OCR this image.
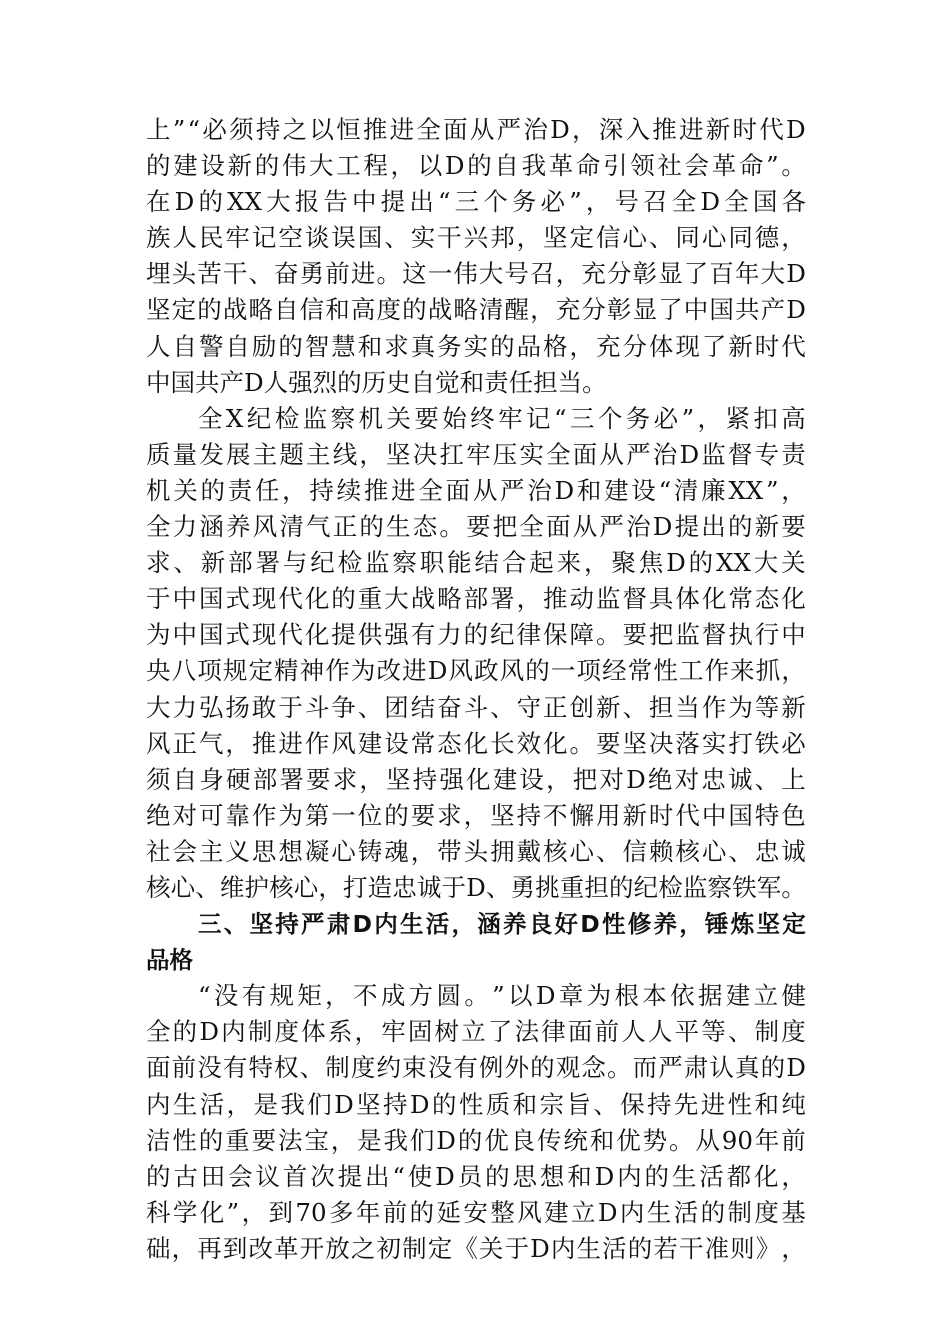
上 ” “ 必 须 持 之 以 恒 推 进 全 面 从 严 治 D ， 深 入 推 进 新 时 代 D
的 建 设 新 的 伟 大 工 程 ， 以 D 的 自 我 革 命 引 领 社 会 革 命 ” 。
在 D 的 XX 大 报 告 中 提 出 “ 三 个 务 必 ” ， 号 召 全 D 全 国 各
族 人 民 牢 记 空 谈 误 国 、 实 干 兴 邦 ， 坚 定 信 心 、 同 心 同 德 ，
埋 头 苦 干 、 奋 勇 前 进 。 这 一 伟 大 号 召 ， 充 分 彰 显 了 百 年 大 D
坚 定 的 战 略 自 信 和 高 度 的 战 略 清 醒 ， 充 分 彰 显 了 中 国 共 产 D
人 自 警 自 励 的 智 慧 和 求 真 务 实 的 品 格 ， 充 分 体 现 了 新 时 代
中 国 共 产 D 人 强 烈 的 历 史 自 觉 和 责 任 担 当 。
全 X 纪 检 监 察 机 关 要 始 终 牢 记 “ 三 个 务 必 ” ， 紧 扣 高
质 量 发 展 主 题 主 线 ， 坚 决 扛 牢 压 实 全 面 从 严 治 D 监 督 专 责
机 关 的 责 任 ， 持 续 推 进 全 面 从 严 治 D 和 建 设 “ 清 廉 XX ” ，
全 力 涵 养 风 清 气 正 的 生 态 。 要 把 全 面 从 严 治 D 提 出 的 新 要
求 、 新 部 署 与 纪 检 监 察 职 能 结 合 起 来 ， 聚 焦 D 的 XX 大 关
于 中 国 式 现 代 化 的 重 大 战 略 部 署 ， 推 动 监 督 具 体 化 常 态 化
为 中 国 式 现 代 化 提 供 强 有 力 的 纪 律 保 障 。 要 把 监 督 执 行 中
央 八 项 规 定 精 神 作 为 改 进 D 风 政 风 的 一 项 经 常 性 工 作 来 抓 ，
大 力 弘 扬 敢 于 斗 争 、 团 结 奋 斗 、 守 正 创 新 、 担 当 作 为 等 新
风 正 气 ， 推 进 作 风 建 设 常 态 化 长 效 化 。 要 坚 决 落 实 打 铁 必
须 自 身 硬 部 署 要 求 ， 坚 持 强 化 建 设 ， 把 对 D 绝 对 忠 诚 、 上
绝 对 可 靠 作 为 第 一 位 的 要 求 ， 坚 持 不 懈 用 新 时 代 中 国 特 色
社 会 主 义 思 想 凝 心 铸 魂 ， 带 头 拥 戴 核 心 、 信 赖 核 心 、 忠 诚
核 心 、 维 护 核 心 ， 打 造 忠 诚 于 D 、 勇 挑 重 担 的 纪 检 监 察 铁 军 。
三 、 坚 持 严 肃 D 内 生 活 ， 涵 养 良 好 D 性 修 养 ， 锤 炼 坚 定
品 格
“ 没 有 规 矩 ， 不 成 方 圆 。 ” 以 D 章 为 根 本 依 据 建 立 健
全 的 D 内 制 度 体 系 ， 牢 固 树 立 了 法 律 面 前 人 人 平 等 、 制 度
面 前 没 有 特 权 、 制 度 约 束 没 有 例 外 的 观 念 。 而 严 肃 认 真 的 D
内 生 活 ， 是 我 们 D 坚 持 D 的 性 质 和 宗 旨 、 保 持 先 进 性 和 纯
洁 性 的 重 要 法 宝 ， 是 我 们 D 的 优 良 传 统 和 优 势 。 从 90 年 前
的 古 田 会 议 首 次 提 出 “ 使 D 员 的 思 想 和 D 内 的 生 活 都 化 ，
科 学 化 ” ， 到 70 多 年 前 的 延 安 整 风 建 立 D 内 生 活 的 制 度 基
础 ， 再 到 改 革 开 放 之 初 制 定 《 关 于 D 内 生 活 的 若 干 准 则 》 ，
